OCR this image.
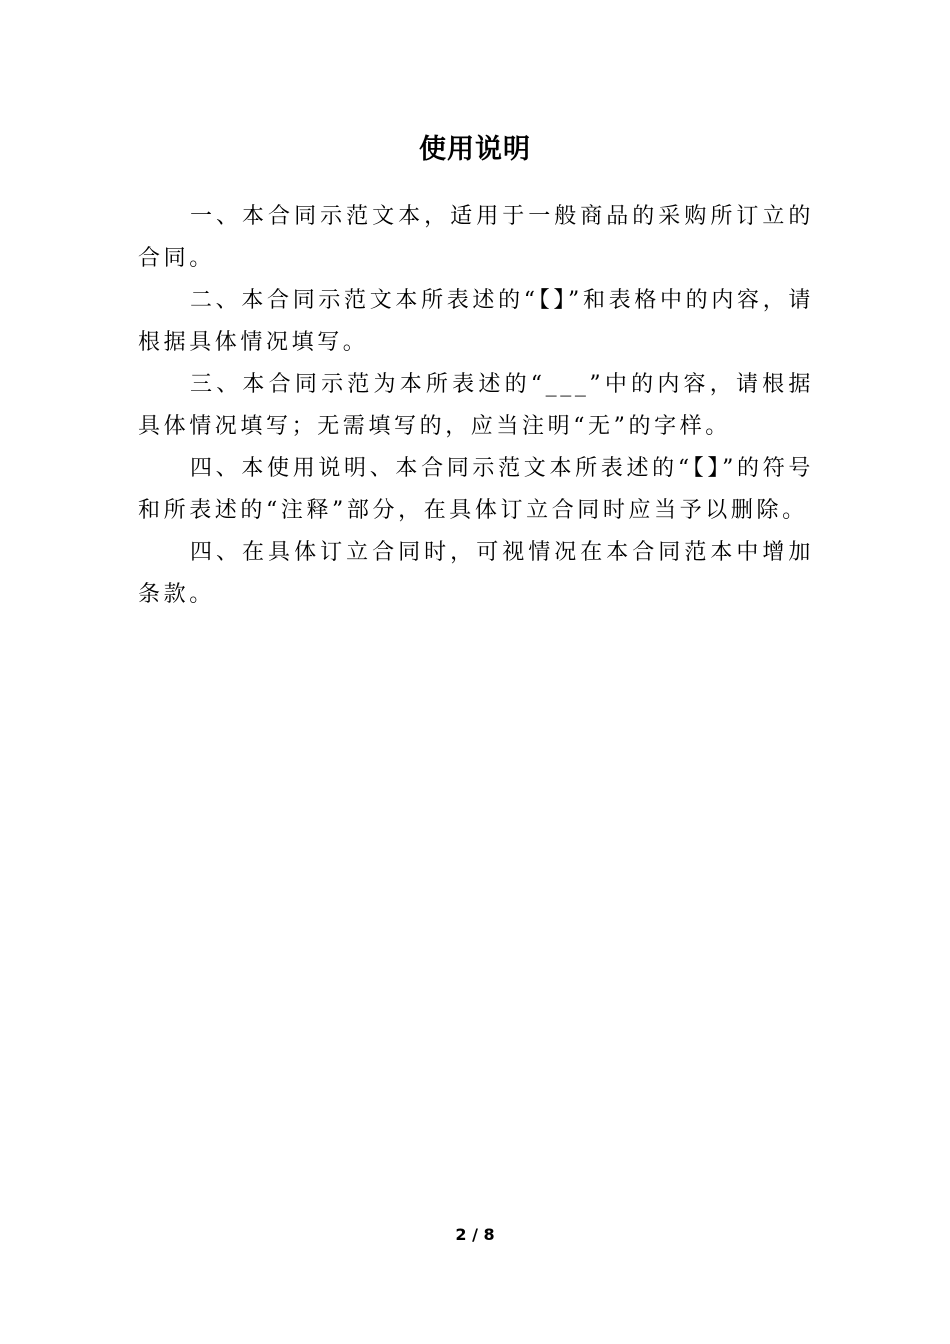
使用说明

一、本合同示范文本，适用于一般商品的采购所订立的合同。

二、本合同示范文本所表述的“【】”和表格中的内容，请根据具体情况填写。

三、本合同示范为本所表述的“___”中的内容，请根据具体情况填写；无需填写的，应当注明“无”的字样。

四、本使用说明、本合同示范文本所表述的“【】”的符号和所表述的“注释”部分，在具体订立合同时应当予以删除。

四、在具体订立合同时，可视情况在本合同范本中增加条款。

2 / 8
